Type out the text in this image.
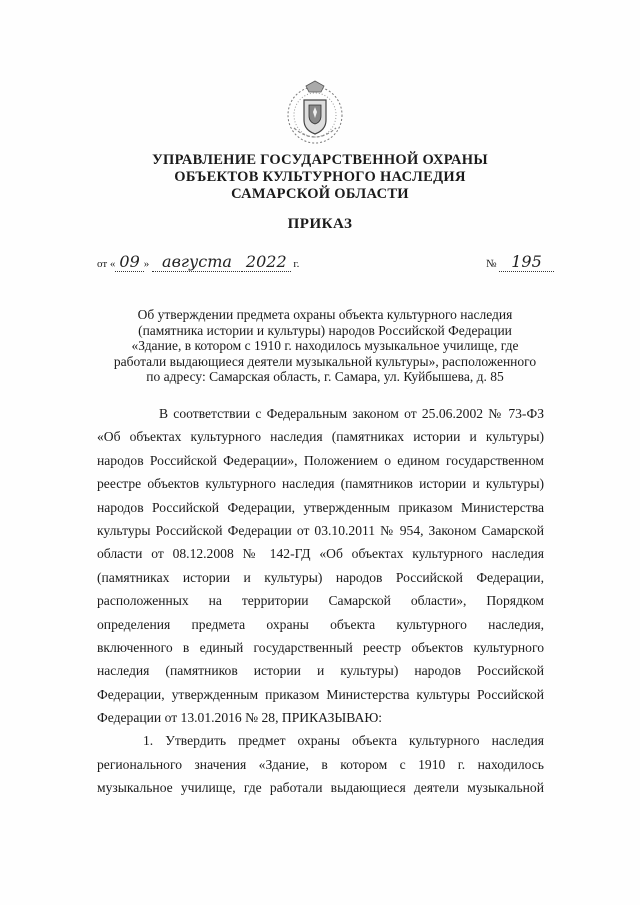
УПРАВЛЕНИЕ ГОСУДАРСТВЕННОЙ ОХРАНЫ
ОБЪЕКТОВ КУЛЬТУРНОГО НАСЛЕДИЯ
САМАРСКОЙ ОБЛАСТИ
ПРИКАЗ
от « 09 » августа 2022 г.	№ 195
Об утверждении предмета охраны объекта культурного наследия
(памятника истории и культуры) народов Российской Федерации
«Здание, в котором с 1910 г. находилось музыкальное училище, где
работали выдающиеся деятели музыкальной культуры», расположенного
по адресу: Самарская область, г. Самара, ул. Куйбышева, д. 85
В соответствии с Федеральным законом от 25.06.2002 № 73-ФЗ
«Об объектах культурного наследия (памятниках истории и культуры)
народов Российской Федерации», Положением о едином государственном
реестре объектов культурного наследия (памятников истории и культуры)
народов Российской Федерации, утвержденным приказом Министерства
культуры Российской Федерации от 03.10.2011 № 954, Законом Самарской
области от 08.12.2008 № 142-ГД «Об объектах культурного наследия
(памятниках истории и культуры) народов Российской Федерации,
расположенных на территории Самарской области», Порядком
определения предмета охраны объекта культурного наследия,
включенного в единый государственный реестр объектов культурного
наследия (памятников истории и культуры) народов Российской
Федерации, утвержденным приказом Министерства культуры Российской
Федерации от 13.01.2016 № 28, ПРИКАЗЫВАЮ:
1. Утвердить предмет охраны объекта культурного наследия
регионального значения «Здание, в котором с 1910 г. находилось
музыкальное училище, где работали выдающиеся деятели музыкальной
